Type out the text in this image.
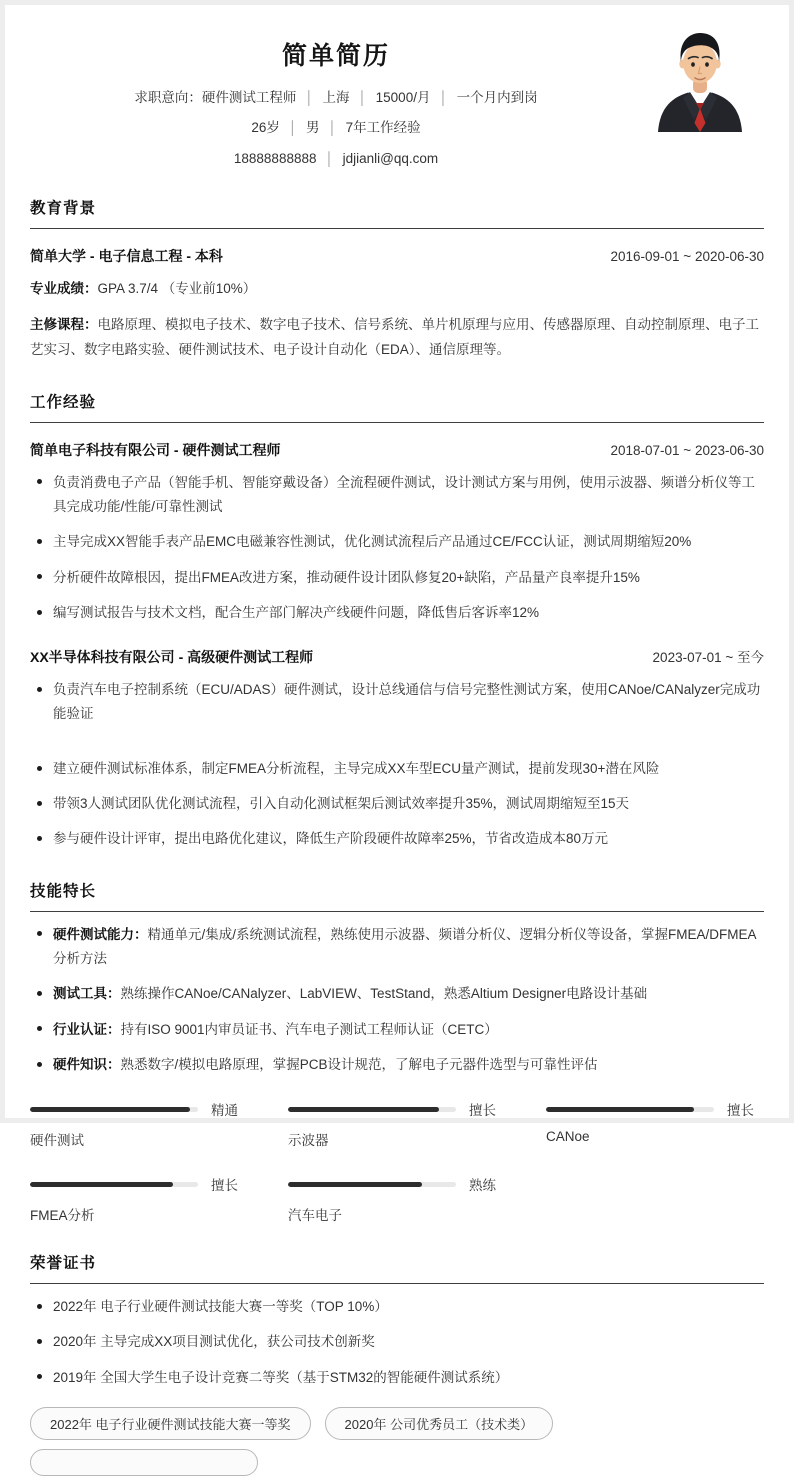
简单简历
求职意向：硬件测试工程师 │ 上海 │ 15000/月 │ 一个月内到岗
26岁 │ 男 │ 7年工作经验
18888888888 │ jdjianli@qq.com
教育背景
简单大学 - 电子信息工程 - 本科	2016-09-01 ~ 2020-06-30
专业成绩：GPA 3.7/4 （专业前10%）
主修课程：电路原理、模拟电子技术、数字电子技术、信号系统、单片机原理与应用、传感器原理、自动控制原理、电子工艺实习、数字电路实验、硬件测试技术、电子设计自动化（EDA）、通信原理等。
工作经验
简单电子科技有限公司 - 硬件测试工程师	2018-07-01 ~ 2023-06-30
负责消费电子产品（智能手机、智能穿戴设备）全流程硬件测试，设计测试方案与用例，使用示波器、频谱分析仪等工具完成功能/性能/可靠性测试
主导完成XX智能手表产品EMC电磁兼容性测试，优化测试流程后产品通过CE/FCC认证，测试周期缩短20%
分析硬件故障根因，提出FMEA改进方案，推动硬件设计团队修复20+缺陷，产品量产良率提升15%
编写测试报告与技术文档，配合生产部门解决产线硬件问题，降低售后客诉率12%
XX半导体科技有限公司 - 高级硬件测试工程师	2023-07-01 ~ 至今
负责汽车电子控制系统（ECU/ADAS）硬件测试，设计总线通信与信号完整性测试方案，使用CANoe/CANalyzer完成功能验证
建立硬件测试标准体系，制定FMEA分析流程，主导完成XX车型ECU量产测试，提前发现30+潜在风险
带领3人测试团队优化测试流程，引入自动化测试框架后测试效率提升35%，测试周期缩短至15天
参与硬件设计评审，提出电路优化建议，降低生产阶段硬件故障率25%，节省改造成本80万元
技能特长
硬件测试能力：精通单元/集成/系统测试流程，熟练使用示波器、频谱分析仪、逻辑分析仪等设备，掌握FMEA/DFMEA分析方法
测试工具：熟练操作CANoe/CANalyzer、LabVIEW、TestStand，熟悉Altium Designer电路设计基础
行业认证：持有ISO 9001内审员证书、汽车电子测试工程师认证（CETC）
硬件知识：熟悉数字/模拟电路原理，掌握PCB设计规范，了解电子元器件选型与可靠性评估
精通
硬件测试
擅长
示波器
擅长
CANoe
擅长
FMEA分析
熟练
汽车电子
荣誉证书
2022年 电子行业硬件测试技能大赛一等奖（TOP 10%）
2020年 主导完成XX项目测试优化，获公司技术创新奖
2019年 全国大学生电子设计竞赛二等奖（基于STM32的智能硬件测试系统）
2022年 电子行业硬件测试技能大赛一等奖	2020年 公司优秀员工（技术类）
